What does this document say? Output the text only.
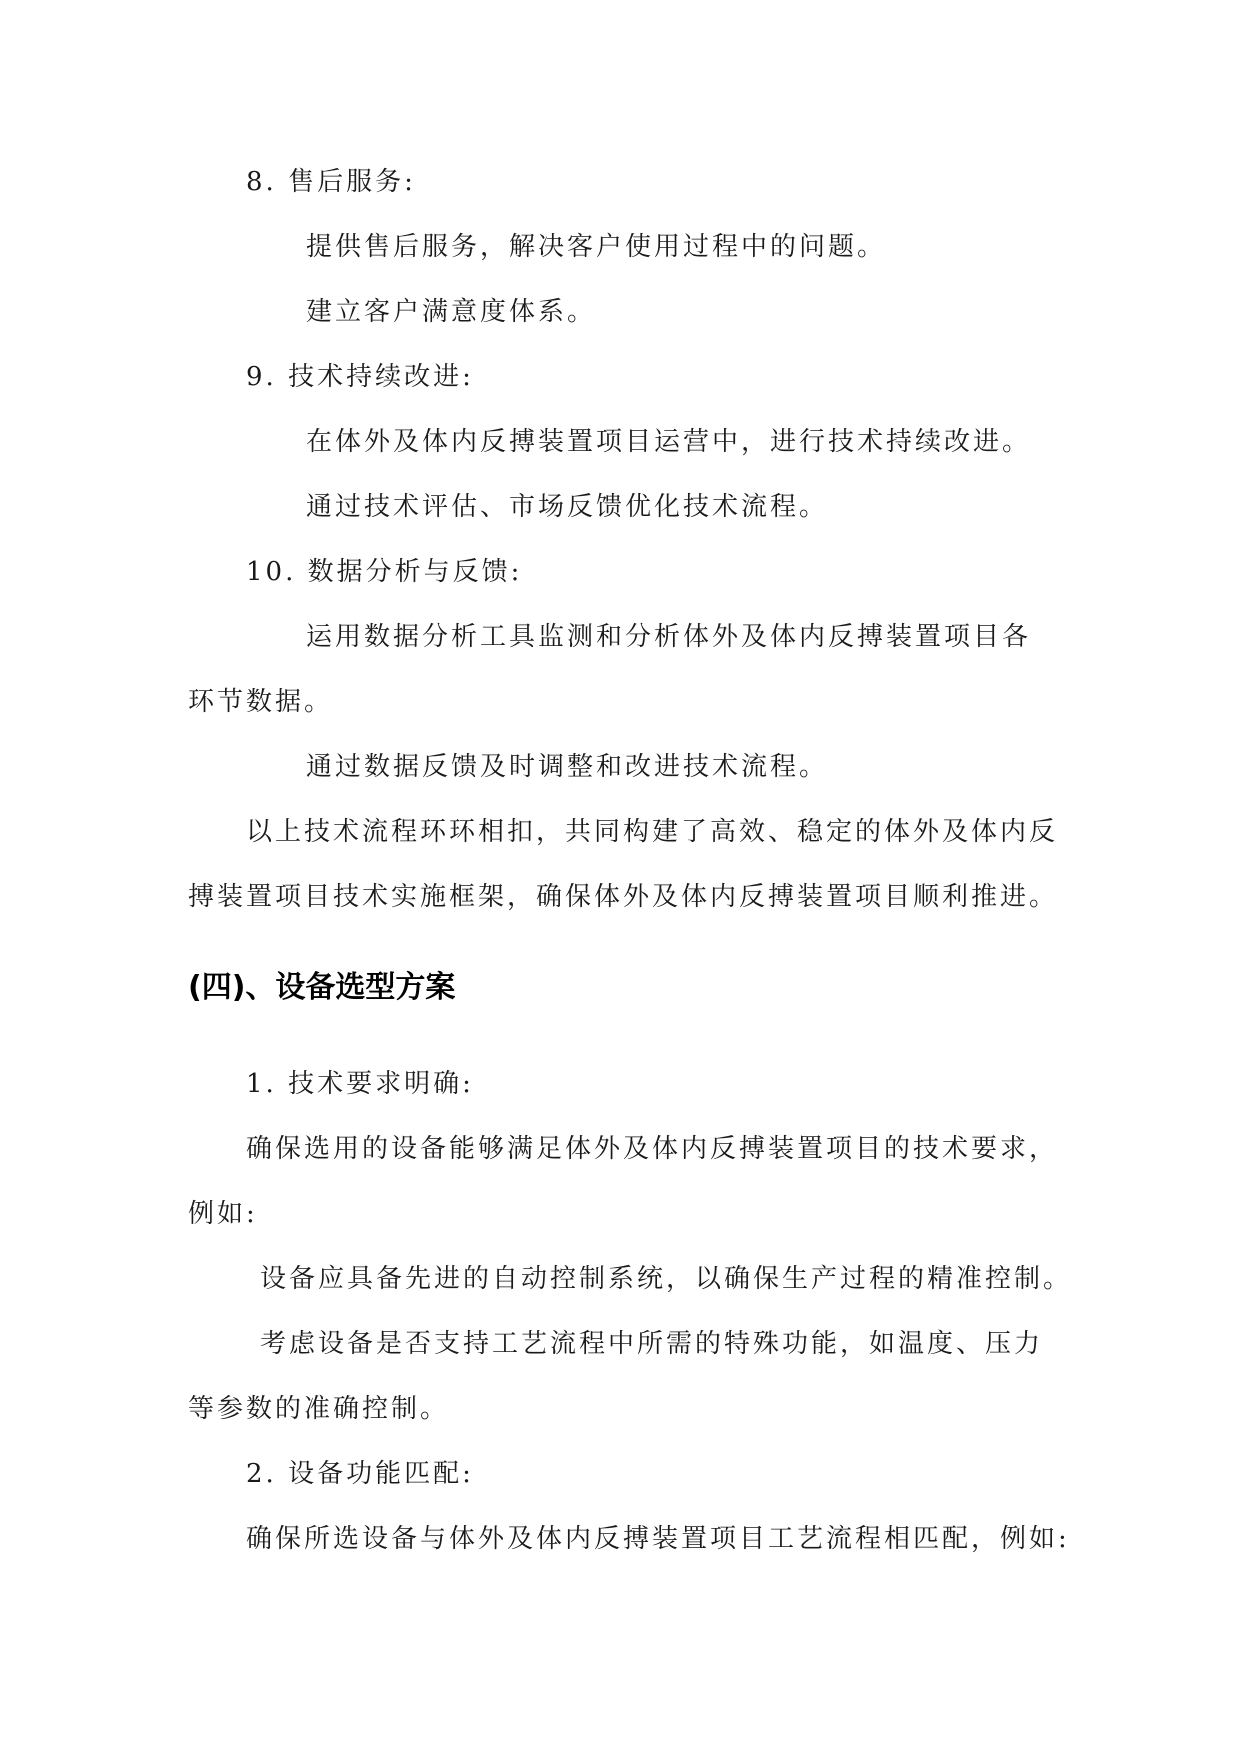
8. 售后服务:
提供售后服务，解决客户使用过程中的问题。
建立客户满意度体系。
9. 技术持续改进:
在体外及体内反搏装置项目运营中，进行技术持续改进。
通过技术评估、市场反馈优化技术流程。
10. 数据分析与反馈:
运用数据分析工具监测和分析体外及体内反搏装置项目各
环节数据。
通过数据反馈及时调整和改进技术流程。
以上技术流程环环相扣，共同构建了高效、稳定的体外及体内反
搏装置项目技术实施框架，确保体外及体内反搏装置项目顺利推进。
(四)、设备选型方案
1. 技术要求明确:
确保选用的设备能够满足体外及体内反搏装置项目的技术要求，
例如:
设备应具备先进的自动控制系统，以确保生产过程的精准控制。
考虑设备是否支持工艺流程中所需的特殊功能，如温度、压力
等参数的准确控制。
2. 设备功能匹配:
确保所选设备与体外及体内反搏装置项目工艺流程相匹配，例如:
